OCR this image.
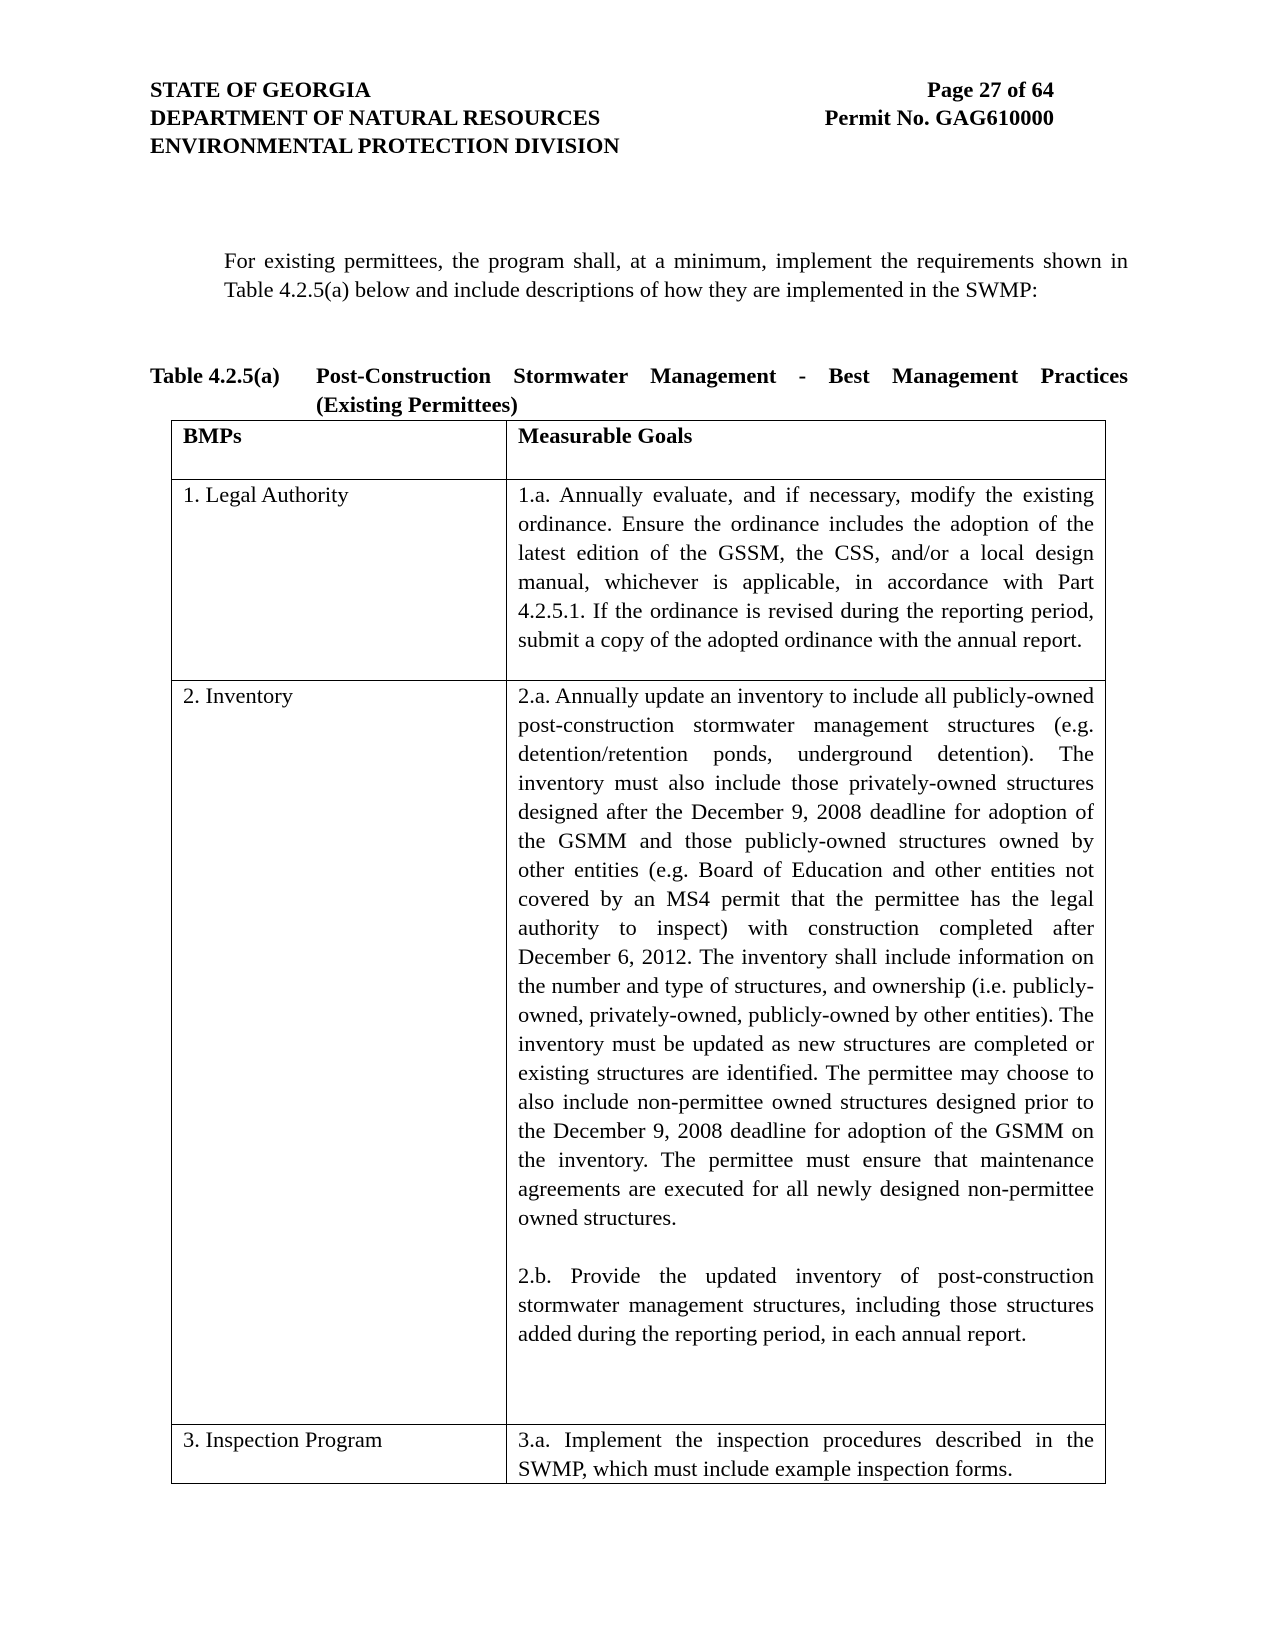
STATE OF GEORGIA
DEPARTMENT OF NATURAL RESOURCES
ENVIRONMENTAL PROTECTION DIVISION
Page 27 of 64
Permit No. GAG610000

For existing permittees, the program shall, at a minimum, implement the requirements shown in Table 4.2.5(a) below and include descriptions of how they are implemented in the SWMP:

Table 4.2.5(a)	Post-Construction Stormwater Management - Best Management Practices
(Existing Permittees)
BMPs	Measurable Goals
1. Legal Authority	1.a. Annually evaluate, and if necessary, modify the existing ordinance. Ensure the ordinance includes the adoption of the latest edition of the GSSM, the CSS, and/or a local design manual, whichever is applicable, in accordance with Part 4.2.5.1. If the ordinance is revised during the reporting period, submit a copy of the adopted ordinance with the annual report.

2. Inventory	2.a. Annually update an inventory to include all publicly-owned post-construction stormwater management structures (e.g. detention/retention ponds, underground detention). The inventory must also include those privately-owned structures designed after the December 9, 2008 deadline for adoption of the GSMM and those publicly-owned structures owned by other entities (e.g. Board of Education and other entities not covered by an MS4 permit that the permittee has the legal authority to inspect) with construction completed after December 6, 2012. The inventory shall include information on the number and type of structures, and ownership (i.e. publicly-owned, privately-owned, publicly-owned by other entities). The inventory must be updated as new structures are completed or existing structures are identified. The permittee may choose to also include non-permittee owned structures designed prior to the December 9, 2008 deadline for adoption of the GSMM on the inventory. The permittee must ensure that maintenance agreements are executed for all newly designed non-permittee owned structures.

2.b. Provide the updated inventory of post-construction stormwater management structures, including those structures added during the reporting period, in each annual report.

3. Inspection Program	3.a. Implement the inspection procedures described in the SWMP, which must include example inspection forms.
